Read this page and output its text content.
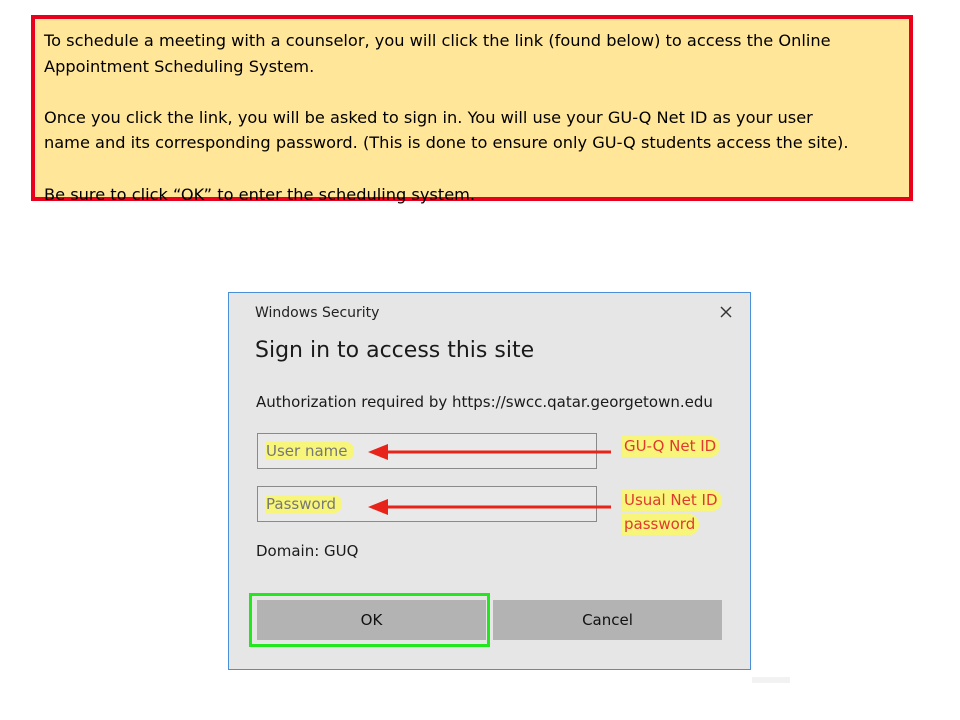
To schedule a meeting with a counselor, you will click the link (found below) to access the Online

Appointment Scheduling System.

Once you click the link, you will be asked to sign in. You will use your GU-Q Net ID as your user

name and its corresponding password. (This is done to ensure only GU-Q students access the site).

Be sure to click “OK” to enter the scheduling system.

Windows Security
Sign in to access this site
Authorization required by https://swcc.qatar.georgetown.edu
User name
Password
Domain: GUQ
OK	Cancel
GU-Q Net ID
Usual Net ID
password
